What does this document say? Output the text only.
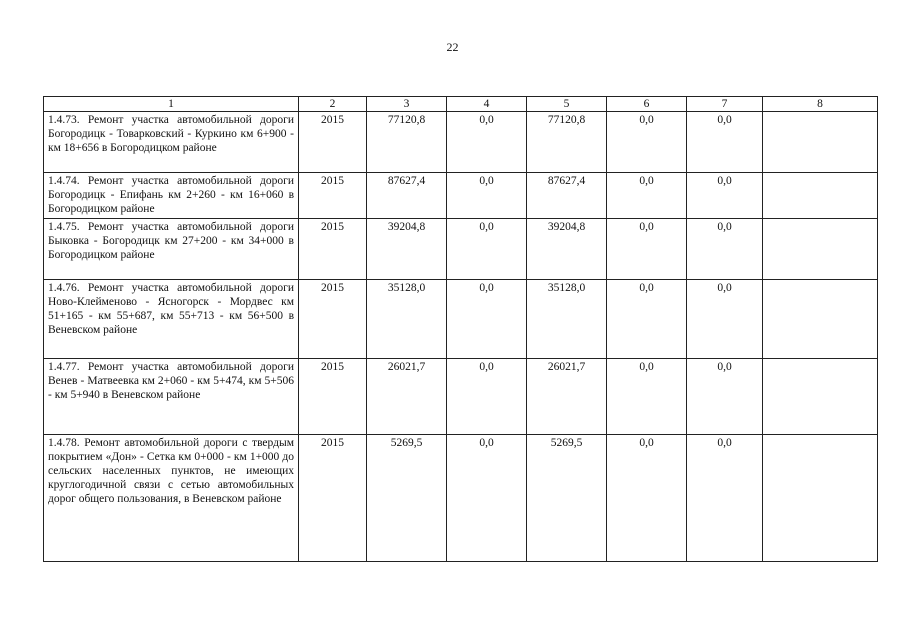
22
1	2	3	4	5	6	7	8
1.4.73. Ремонт участка автомобильной дороги Богородицк - Товарковский - Куркино км 6+900 - км 18+656 в Богородицком районе	2015	77120,8	0,0	77120,8	0,0	0,0	
1.4.74. Ремонт участка автомобильной дороги Богородицк - Епифань км 2+260 - км 16+060 в Богородицком районе	2015	87627,4	0,0	87627,4	0,0	0,0	
1.4.75. Ремонт участка автомобильной дороги Быковка - Богородицк км 27+200 - км 34+000 в Богородицком районе	2015	39204,8	0,0	39204,8	0,0	0,0	
1.4.76. Ремонт участка автомобильной дороги Ново-Клейменово - Ясногорск - Мордвес км 51+165 - км 55+687, км 55+713 - км 56+500 в Веневском районе	2015	35128,0	0,0	35128,0	0,0	0,0	
1.4.77. Ремонт участка автомобильной дороги Венев - Матвеевка км 2+060 - км 5+474, км 5+506 - км 5+940 в Веневском районе	2015	26021,7	0,0	26021,7	0,0	0,0	
1.4.78. Ремонт автомобильной дороги с твердым покрытием «Дон» - Сетка км 0+000 - км 1+000 до сельских населенных пунктов, не имеющих круглогодичной связи с сетью автомобильных дорог общего пользования, в Веневском районе	2015	5269,5	0,0	5269,5	0,0	0,0	
